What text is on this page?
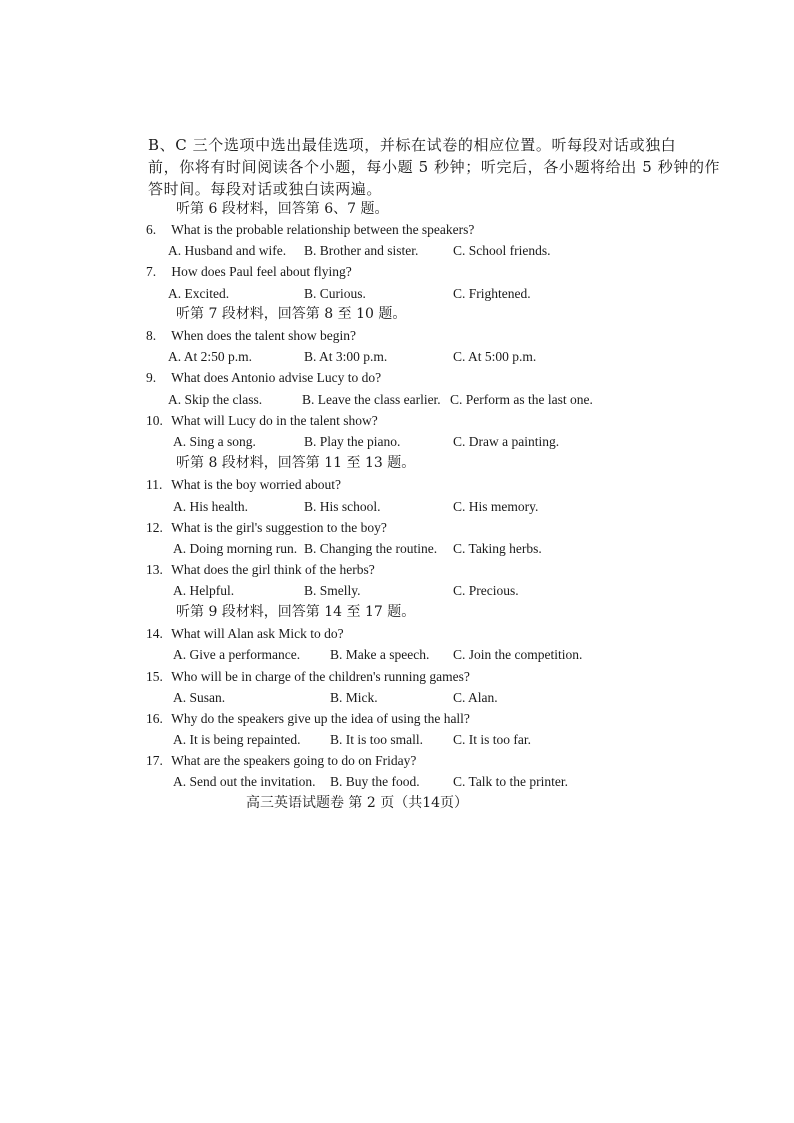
B、C 三个选项中选出最佳选项，并标在试卷的相应位置。听每段对话或独白
前，你将有时间阅读各个小题，每小题 5 秒钟；听完后，各小题将给出 5 秒钟的作
答时间。每段对话或独白读两遍。
听第 6 段材料，回答第 6、7 题。
6. What is the probable relationship between the speakers?
A. Husband and wife. B. Brother and sister.	C. School friends.
7. How does Paul feel about flying?
A. Excited.	B. Curious.	C. Frightened.
听第 7 段材料，回答第 8 至 10 题。
8. When does the talent show begin?
A. At 2:50 p.m.	B. At 3:00 p.m.	C. At 5:00 p.m.
9. What does Antonio advise Lucy to do?
A. Skip the class.	B. Leave the class earlier. C. Perform as the last one.
10. What will Lucy do in the talent show?
A. Sing a song.	B. Play the piano.	C. Draw a painting.
听第 8 段材料，回答第 11 至 13 题。
11. What is the boy worried about?
A. His health.	B. His school.	C. His memory.
12. What is the girl's suggestion to the boy?
A. Doing morning run. B. Changing the routine. C. Taking herbs.
13. What does the girl think of the herbs?
A. Helpful.	B. Smelly.	C. Precious.
听第 9 段材料，回答第 14 至 17 题。
14. What will Alan ask Mick to do?
A. Give a performance. B. Make a speech. C. Join the competition.
15. Who will be in charge of the children's running games?
A. Susan.	B. Mick.	C. Alan.
16. Why do the speakers give up the idea of using the hall?
A. It is being repainted. B. It is too small. C. It is too far.
17. What are the speakers going to do on Friday?
A. Send out the invitation. B. Buy the food. C. Talk to the printer.
高三英语试题卷 第 2 页（共14页）
